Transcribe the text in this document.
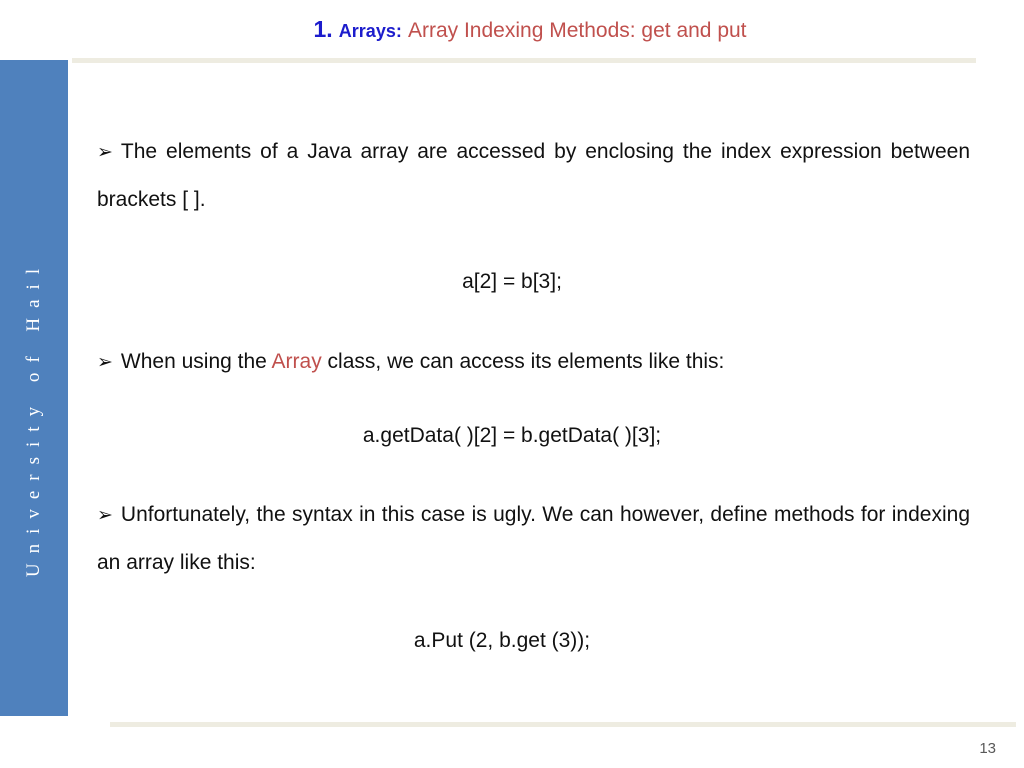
1. Arrays: Array Indexing Methods: get and put
University of Hail
➢ The elements of a Java array are accessed by enclosing the index expression between brackets [ ].
a[2] = b[3];
➢ When using the Array class, we can access its elements like this:
a.getData( )[2] = b.getData( )[3];
➢ Unfortunately, the syntax in this case is ugly. We can however, define methods for indexing an array like this:
a.Put (2, b.get (3));
13
